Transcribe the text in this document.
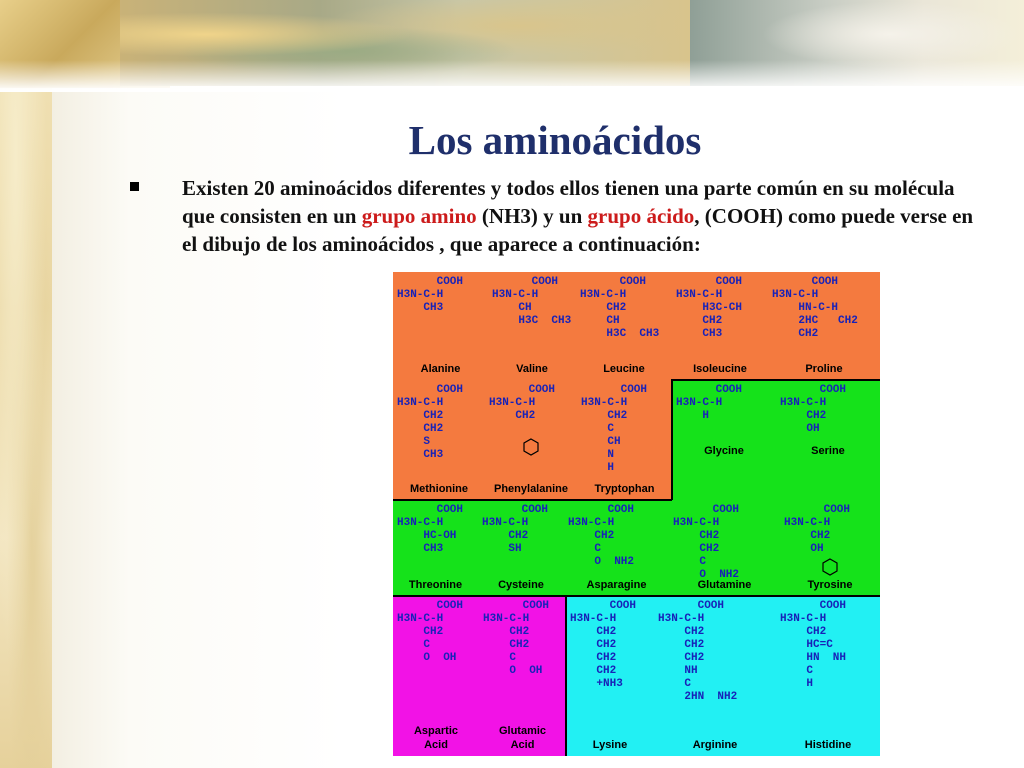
Los aminoácidos
Existen 20 aminoácidos diferentes y todos ellos tienen una parte común en su molécula que consisten en un grupo amino (NH3) y un grupo ácido, (COOH) como puede verse en el dibujo de los aminoácidos , que aparece a continuación:
COOH
H3N-C-H
CH3
Alanine
COOH
H3N-C-H
CH
H3C  CH3
Valine
COOH
H3N-C-H
CH2
CH
H3C  CH3
Leucine
COOH
H3N-C-H
H3C-CH
CH2
CH3
Isoleucine
COOH
H3N-C-H
HN-C-H
2HC   CH2
CH2
Proline
COOH
H3N-C-H
CH2
CH2
S
CH3
Methionine
COOH
H3N-C-H
CH2
Phenylalanine
COOH
H3N-C-H
CH2
C
CH
N
H
Tryptophan
COOH
H3N-C-H
H
Glycine
COOH
H3N-C-H
CH2
OH
Serine
COOH
H3N-C-H
HC-OH
CH3
Threonine
COOH
H3N-C-H
CH2
SH
Cysteine
COOH
H3N-C-H
CH2
C
O  NH2
Asparagine
COOH
H3N-C-H
CH2
CH2
C
O  NH2
Glutamine
COOH
H3N-C-H
CH2
OH
Tyrosine
COOH
H3N-C-H
CH2
C
O  OH
Aspartic
Acid
COOH
H3N-C-H
CH2
CH2
C
O  OH
Glutamic
Acid
COOH
H3N-C-H
CH2
CH2
CH2
CH2
+NH3
Lysine
COOH
H3N-C-H
CH2
CH2
CH2
NH
C
2HN  NH2
Arginine
COOH
H3N-C-H
CH2
HC=C
HN  NH
C
H
Histidine
